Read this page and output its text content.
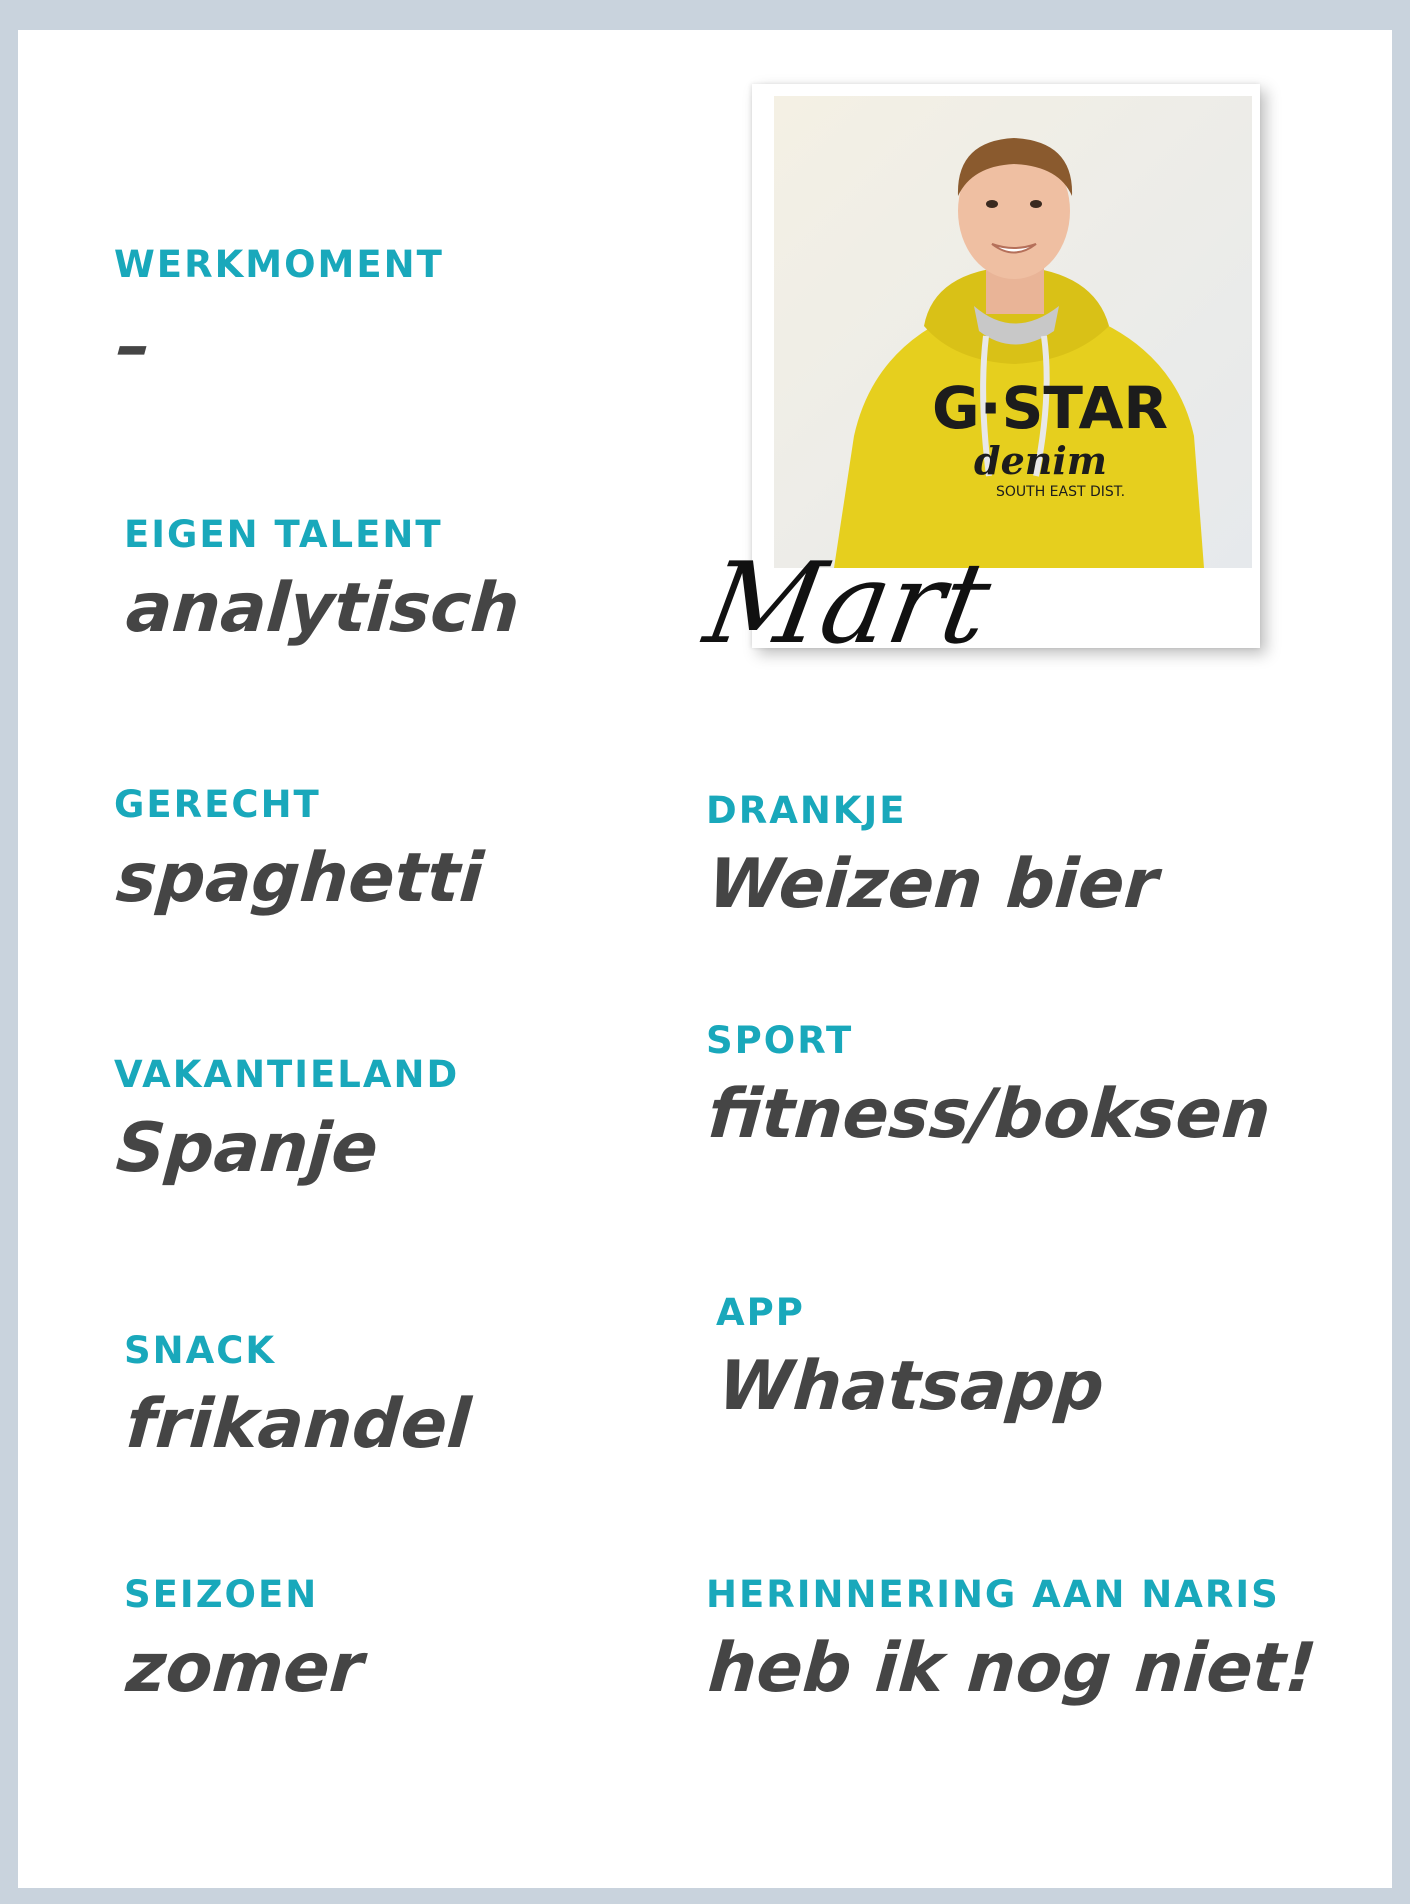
WERKMOMENT
–
EIGEN TALENT
analytisch
GERECHT
spaghetti
DRANKJE
Weizen bier
VAKANTIELAND
Spanje
SPORT
fitness/boksen
SNACK
frikandel
APP
Whatsapp
SEIZOEN
zomer
HERINNERING AAN NARIS
heb ik nog niet!
G·STAR
denim
SOUTH EAST DIST.
Mart
